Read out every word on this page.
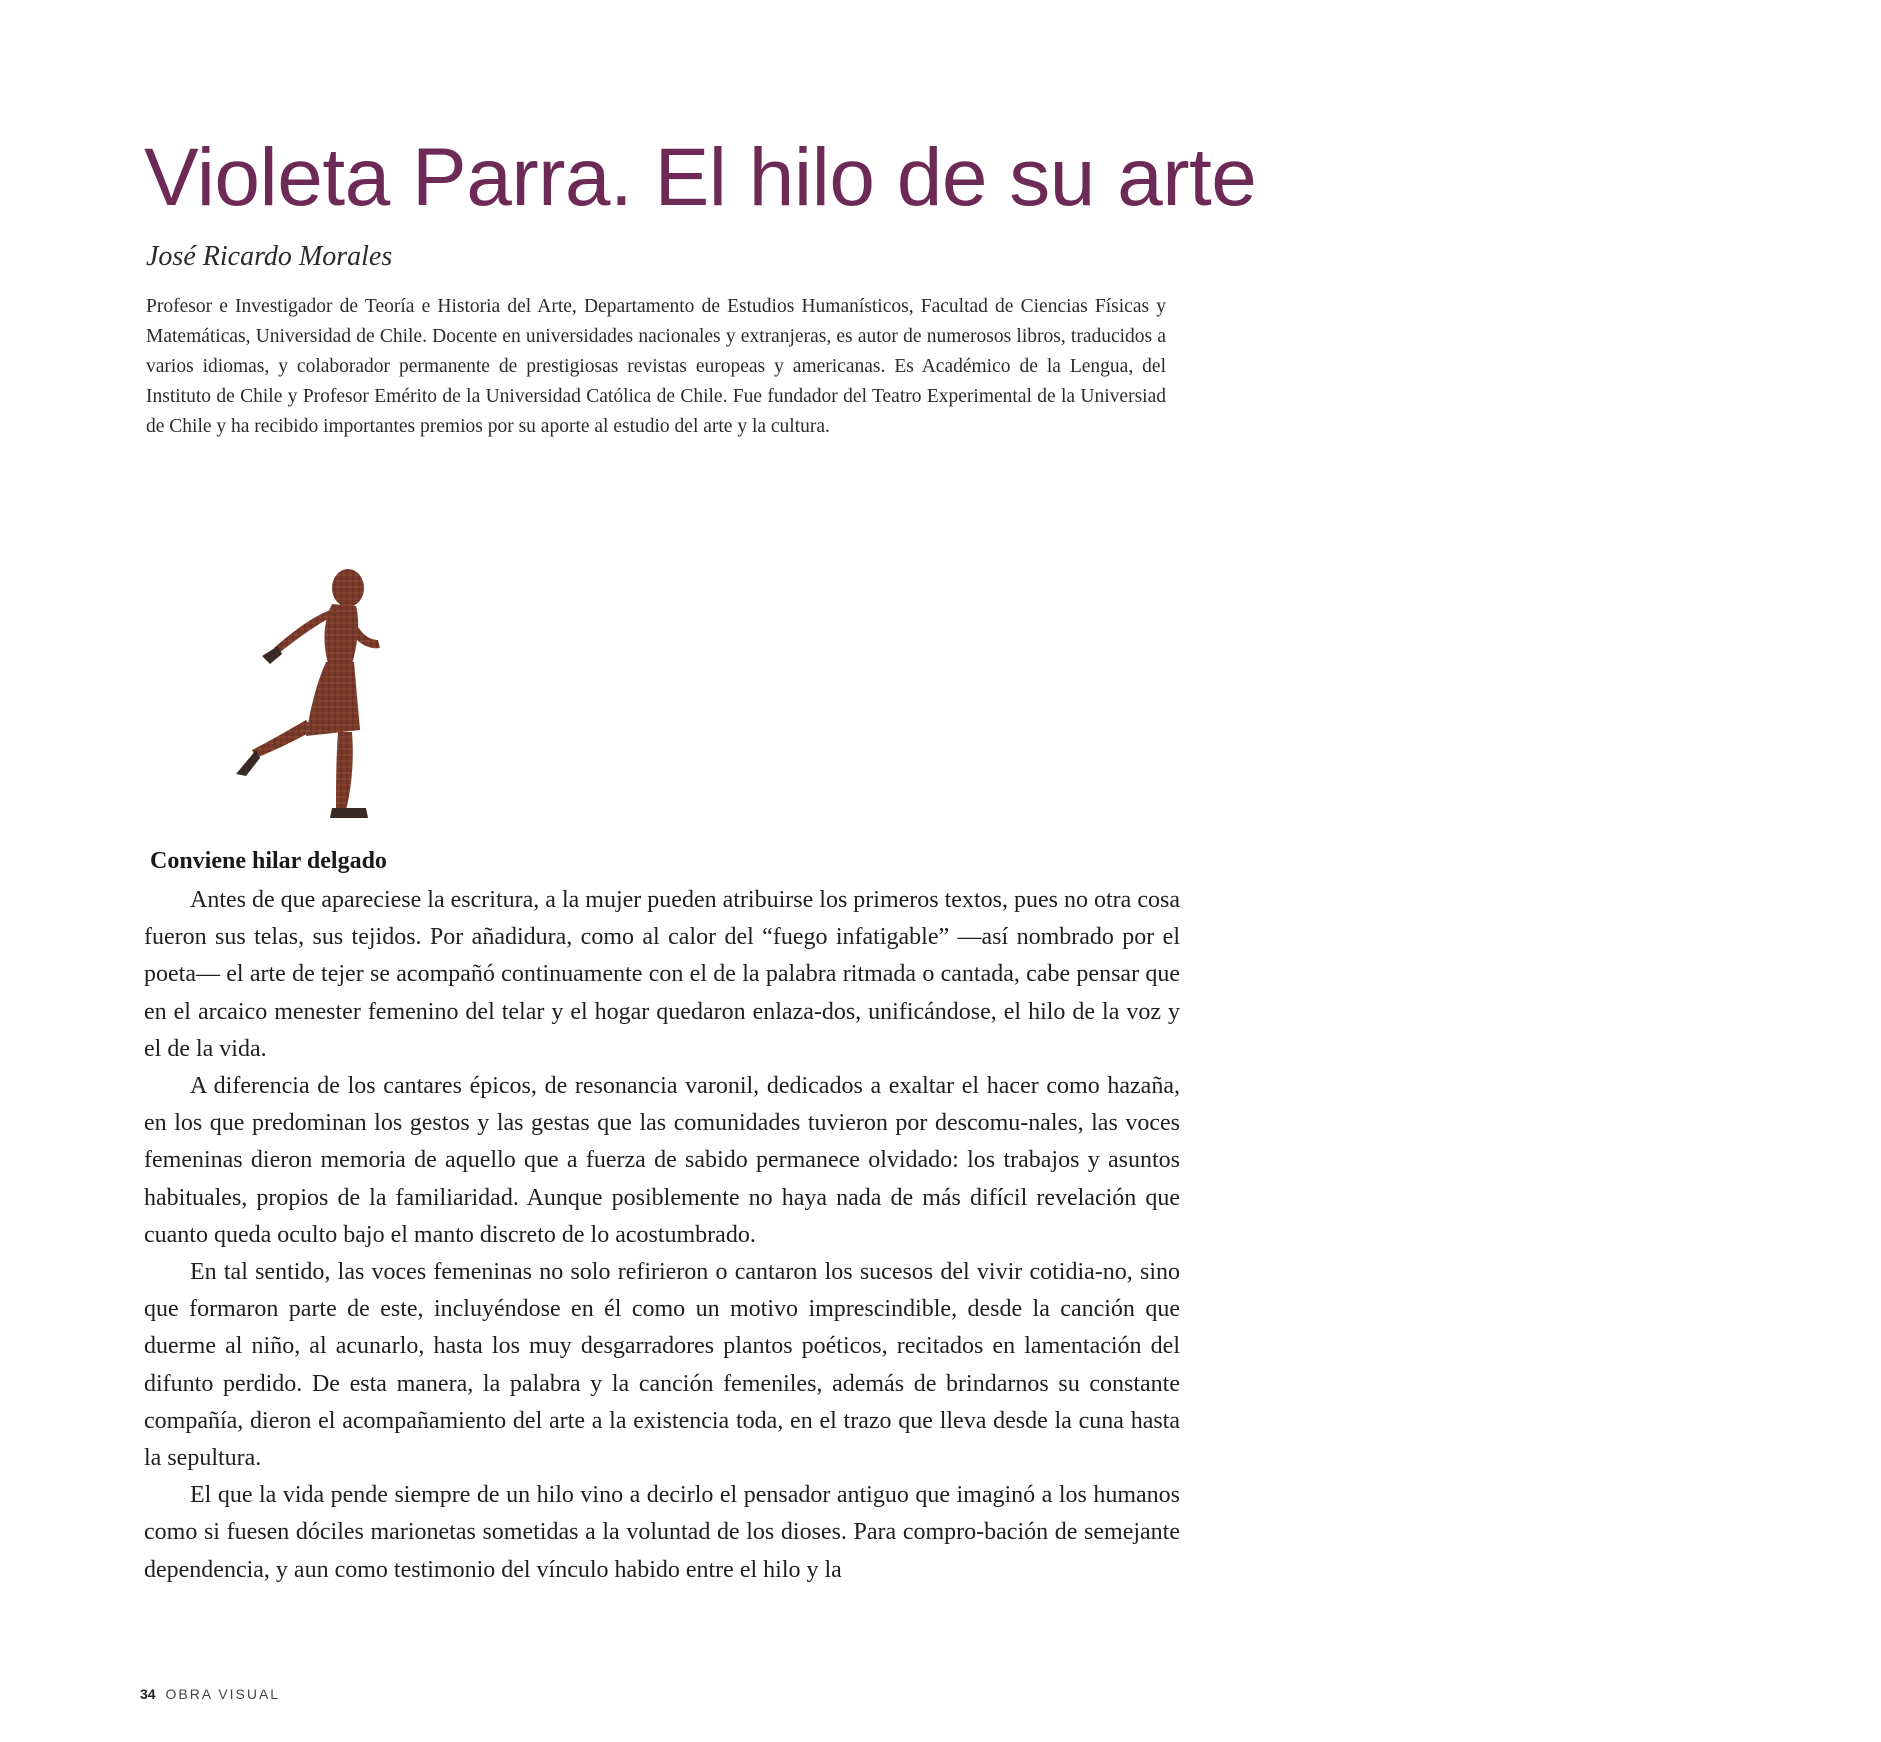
Violeta Parra. El hilo de su arte
José Ricardo Morales

Profesor e Investigador de Teoría e Historia del Arte, Departamento de Estudios Humanísticos, Facultad de Ciencias Físicas y Matemáticas, Universidad de Chile. Docente en universidades nacionales y extranjeras, es autor de numerosos libros, traducidos a varios idiomas, y colaborador permanente de prestigiosas revistas europeas y americanas. Es Académico de la Lengua, del Instituto de Chile y Profesor Emérito de la Universidad Católica de Chile. Fue fundador del Teatro Experimental de la Universiad de Chile y ha recibido importantes premios por su aporte al estudio del arte y la cultura.

Conviene hilar delgado

Antes de que apareciese la escritura, a la mujer pueden atribuirse los primeros textos, pues no otra cosa fueron sus telas, sus tejidos. Por añadidura, como al calor del “fuego infatigable” —así nombrado por el poeta— el arte de tejer se acompañó continuamente con el de la palabra ritmada o cantada, cabe pensar que en el arcaico menester femenino del telar y el hogar quedaron enlaza-dos, unificándose, el hilo de la voz y el de la vida.

A diferencia de los cantares épicos, de resonancia varonil, dedicados a exaltar el hacer como hazaña, en los que predominan los gestos y las gestas que las comunidades tuvieron por descomu-nales, las voces femeninas dieron memoria de aquello que a fuerza de sabido permanece olvidado: los trabajos y asuntos habituales, propios de la familiaridad. Aunque posiblemente no haya nada de más difícil revelación que cuanto queda oculto bajo el manto discreto de lo acostumbrado.

En tal sentido, las voces femeninas no solo refirieron o cantaron los sucesos del vivir cotidia-no, sino que formaron parte de este, incluyéndose en él como un motivo imprescindible, desde la canción que duerme al niño, al acunarlo, hasta los muy desgarradores plantos poéticos, recitados en lamentación del difunto perdido. De esta manera, la palabra y la canción femeniles, además de brindarnos su constante compañía, dieron el acompañamiento del arte a la existencia toda, en el trazo que lleva desde la cuna hasta la sepultura.

El que la vida pende siempre de un hilo vino a decirlo el pensador antiguo que imaginó a los humanos como si fuesen dóciles marionetas sometidas a la voluntad de los dioses. Para compro-bación de semejante dependencia, y aun como testimonio del vínculo habido entre el hilo y la

34 OBRA VISUAL
